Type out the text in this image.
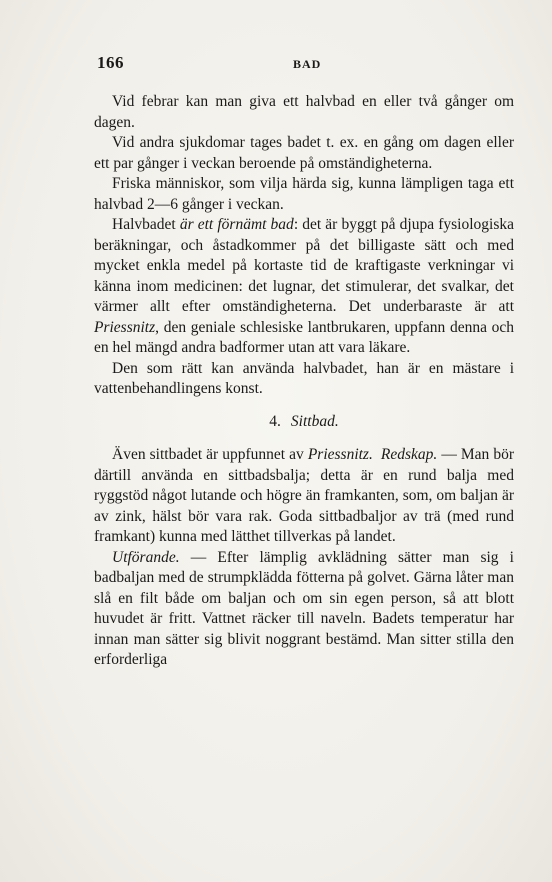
166	BAD

Vid febrar kan man giva ett halvbad en eller två gånger om dagen.

Vid andra sjukdomar tages badet t. ex. en gång om dagen eller ett par gånger i veckan beroende på omständigheterna.

Friska människor, som vilja härda sig, kunna lämpligen taga ett halvbad 2—6 gånger i veckan.

Halvbadet är ett förnämt bad: det är byggt på djupa fysiologiska beräkningar, och åstadkommer på det billigaste sätt och med mycket enkla medel på kortaste tid de kraftigaste verkningar vi känna inom medicinen: det lugnar, det stimulerar, det svalkar, det värmer allt efter omständigheterna. Det underbaraste är att Priessnitz, den geniale schlesiske lantbrukaren, uppfann denna och en hel mängd andra badformer utan att vara läkare.

Den som rätt kan använda halvbadet, han är en mästare i vattenbehandlingens konst.

4. Sittbad.

Även sittbadet är uppfunnet av Priessnitz. Redskap. — Man bör därtill använda en sittbadsbalja; detta är en rund balja med ryggstöd något lutande och högre än framkanten, som, om baljan är av zink, hälst bör vara rak. Goda sittbadbaljor av trä (med rund framkant) kunna med lätthet tillverkas på landet.

Utförande. — Efter lämplig avklädning sätter man sig i badbaljan med de strumpklädda fötterna på golvet. Gärna låter man slå en filt både om baljan och om sin egen person, så att blott huvudet är fritt. Vattnet räcker till naveln. Badets temperatur har innan man sätter sig blivit noggrant bestämd. Man sitter stilla den erforderliga
